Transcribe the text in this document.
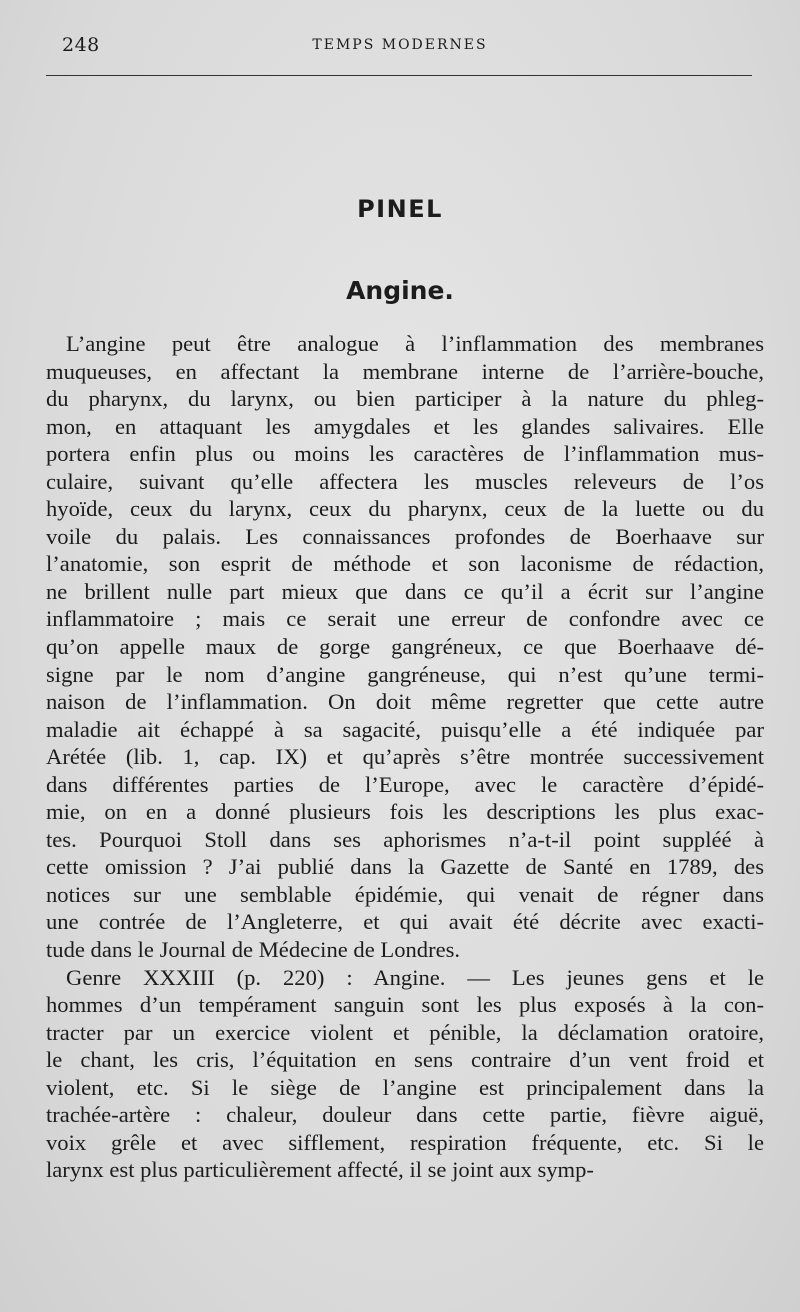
248	TEMPS MODERNES
PINEL
Angine.
L’angine peut être analogue à l’inflammation des membranes
muqueuses, en affectant la membrane interne de l’arrière-bouche,
du pharynx, du larynx, ou bien participer à la nature du phleg-
mon, en attaquant les amygdales et les glandes salivaires. Elle
portera enfin plus ou moins les caractères de l’inflammation mus-
culaire, suivant qu’elle affectera les muscles releveurs de l’os
hyoïde, ceux du larynx, ceux du pharynx, ceux de la luette ou du
voile du palais. Les connaissances profondes de Boerhaave sur
l’anatomie, son esprit de méthode et son laconisme de rédaction,
ne brillent nulle part mieux que dans ce qu’il a écrit sur l’angine
inflammatoire ; mais ce serait une erreur de confondre avec ce
qu’on appelle maux de gorge gangréneux, ce que Boerhaave dé-
signe par le nom d’angine gangréneuse, qui n’est qu’une termi-
naison de l’inflammation. On doit même regretter que cette autre
maladie ait échappé à sa sagacité, puisqu’elle a été indiquée par
Arétée (lib. 1, cap. IX) et qu’après s’être montrée successivement
dans différentes parties de l’Europe, avec le caractère d’épidé-
mie, on en a donné plusieurs fois les descriptions les plus exac-
tes. Pourquoi Stoll dans ses aphorismes n’a-t-il point suppléé à
cette omission ? J’ai publié dans la Gazette de Santé en 1789, des
notices sur une semblable épidémie, qui venait de régner dans
une contrée de l’Angleterre, et qui avait été décrite avec exacti-
tude dans le Journal de Médecine de Londres.
Genre XXXIII (p. 220) : Angine. — Les jeunes gens et le
hommes d’un tempérament sanguin sont les plus exposés à la con-
tracter par un exercice violent et pénible, la déclamation oratoire,
le chant, les cris, l’équitation en sens contraire d’un vent froid et
violent, etc. Si le siège de l’angine est principalement dans la
trachée-artère : chaleur, douleur dans cette partie, fièvre aiguë,
voix grêle et avec sifflement, respiration fréquente, etc. Si le
larynx est plus particulièrement affecté, il se joint aux symp-
